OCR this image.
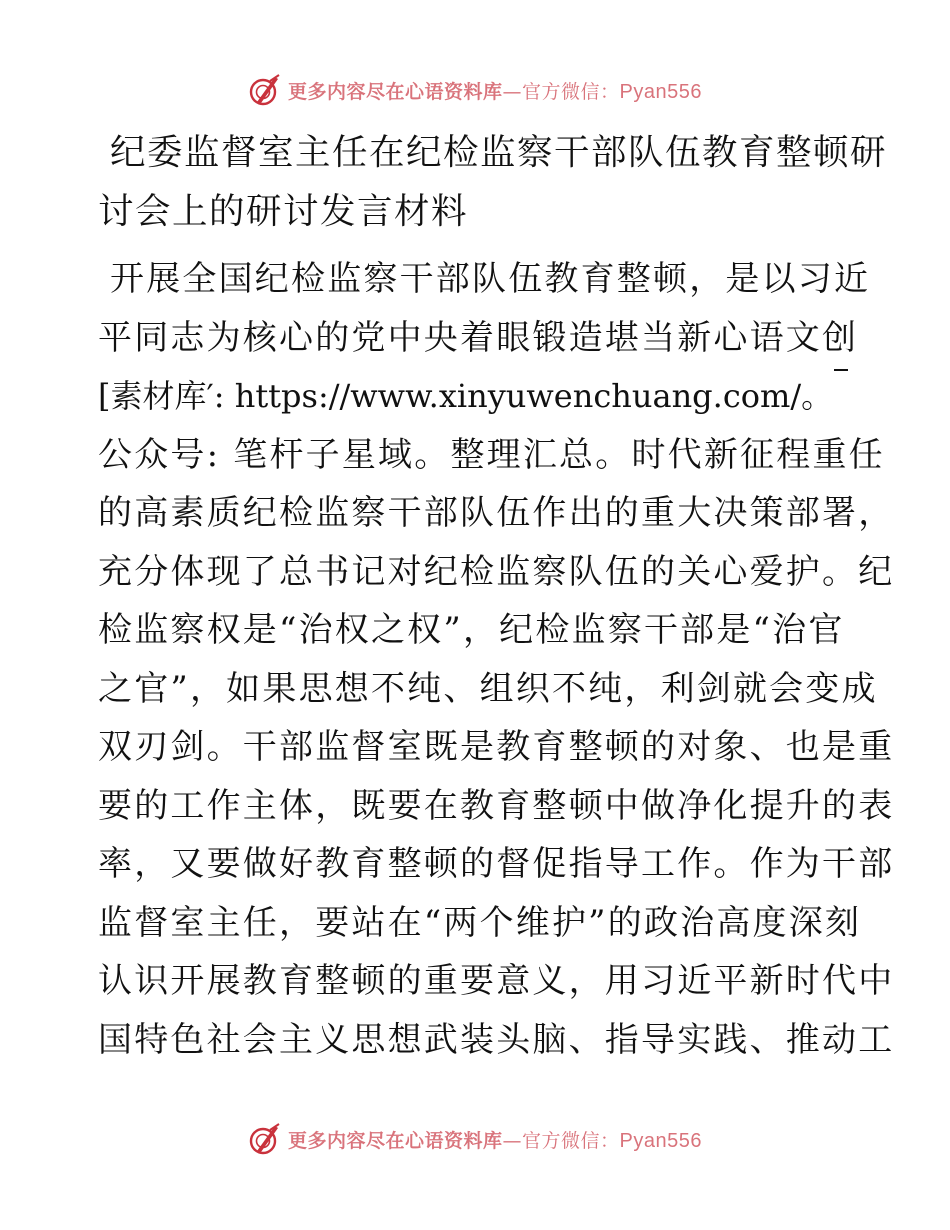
更多内容尽在心语资料库—官方微信：Pyan556
纪委监督室主任在纪检监察干部队伍教育整顿研
讨会上的研讨发言材料
开展全国纪检监察干部队伍教育整顿，是以习近
平同志为核心的党中央着眼锻造堪当新心语文创
[素材库′: https://www.xinyuwenchuang.com/。
公众号: 笔杆子星域。整理汇总。时代新征程重任
的高素质纪检监察干部队伍作出的重大决策部署，
充分体现了总书记对纪检监察队伍的关心爱护。纪
检监察权是“治权之权”，纪检监察干部是“治官
之官”，如果思想不纯、组织不纯，利剑就会变成
双刃剑。干部监督室既是教育整顿的对象、也是重
要的工作主体，既要在教育整顿中做净化提升的表
率，又要做好教育整顿的督促指导工作。作为干部
监督室主任，要站在“两个维护”的政治高度深刻
认识开展教育整顿的重要意义，用习近平新时代中
国特色社会主义思想武装头脑、指导实践、推动工
更多内容尽在心语资料库—官方微信：Pyan556
